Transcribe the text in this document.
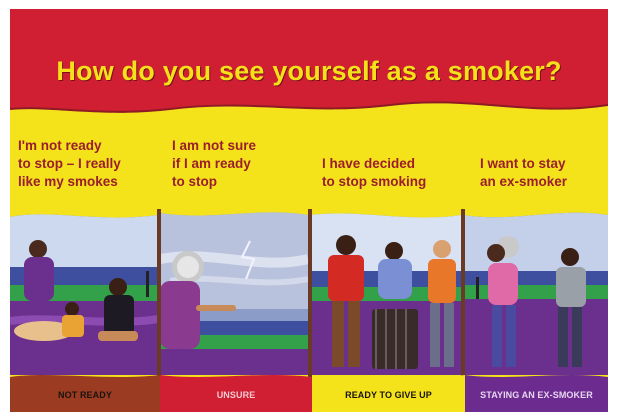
How do you see yourself as a smoker?
I'm not ready
to stop – I really
like my smokes
I am not sure
if I am ready
to stop
I have decided
to stop smoking
I want to stay
an ex-smoker
NOT READY	UNSURE	READY TO GIVE UP	STAYING AN EX-SMOKER
